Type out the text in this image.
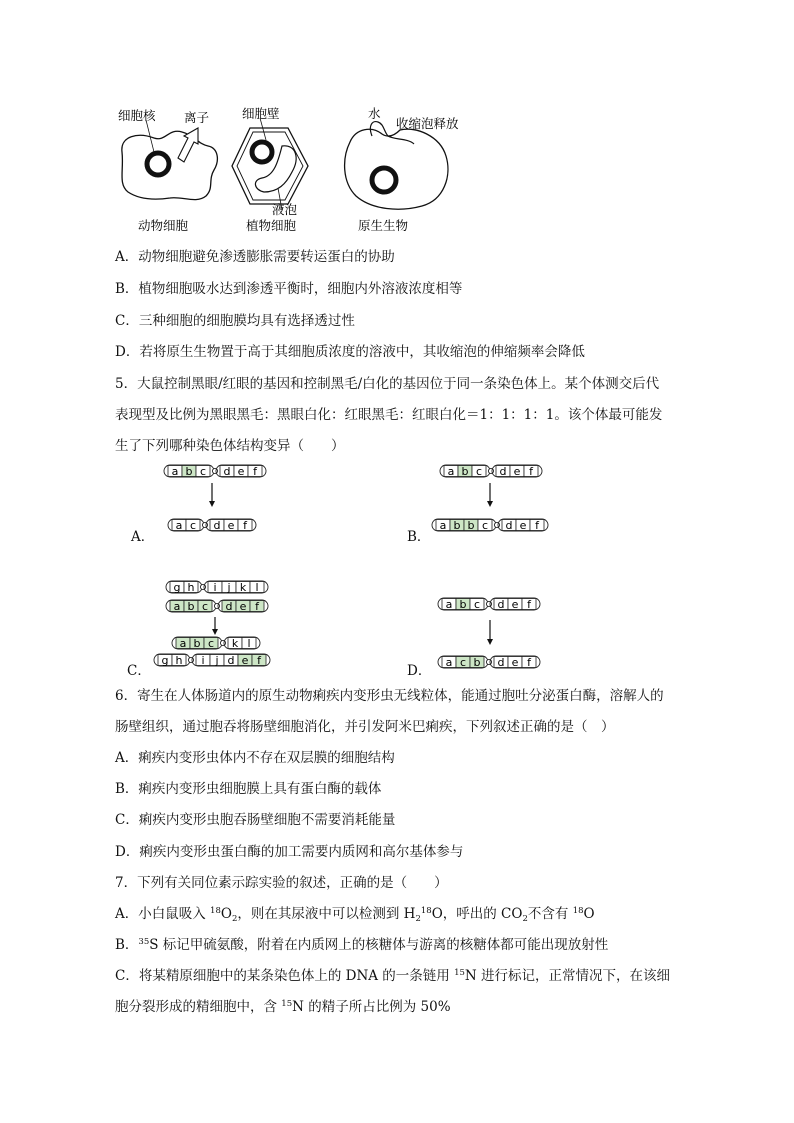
细胞核 离子
动物细胞
细胞壁
液泡
植物细胞
水
收缩泡释放
原生生物
A．动物细胞避免渗透膨胀需要转运蛋白的协助
B．植物细胞吸水达到渗透平衡时，细胞内外溶液浓度相等
C．三种细胞的细胞膜均具有选择透过性
D．若将原生生物置于高于其细胞质浓度的溶液中，其收缩泡的伸缩频率会降低
5．大鼠控制黑眼/红眼的基因和控制黑毛/白化的基因位于同一条染色体上。某个体测交后代
表现型及比例为黑眼黑毛：黑眼白化：红眼黑毛：红眼白化＝1：1：1：1。该个体最可能发
生了下列哪种染色体结构变异（　　）
A．	B．
C．	D．
a b c d e f
a c d e f
a b c d e f
a b b c d e f
g h i j k l
a b c d e f
a b c k l
g h i j d e f
a b c d e f
a c b d e f
6．寄生在人体肠道内的原生动物痢疾内变形虫无线粒体，能通过胞吐分泌蛋白酶，溶解人的
肠壁组织，通过胞吞将肠壁细胞消化，并引发阿米巴痢疾，下列叙述正确的是（　）
A．痢疾内变形虫体内不存在双层膜的细胞结构
B．痢疾内变形虫细胞膜上具有蛋白酶的载体
C．痢疾内变形虫胞吞肠壁细胞不需要消耗能量
D．痢疾内变形虫蛋白酶的加工需要内质网和高尔基体参与
7．下列有关同位素示踪实验的叙述，正确的是（　　）
A．小白鼠吸入 $^{18}O_2$，则在其尿液中可以检测到 $H_2^{18}O$，呼出的 $CO_2$不含有 $^{18}$O
B．$^{35}$S 标记甲硫氨酸，附着在内质网上的核糖体与游离的核糖体都可能出现放射性
C．将某精原细胞中的某条染色体上的 DNA 的一条链用 $^{15}$N 进行标记，正常情况下，在该细
胞分裂形成的精细胞中，含 $^{15}$N 的精子所占比例为 50%
